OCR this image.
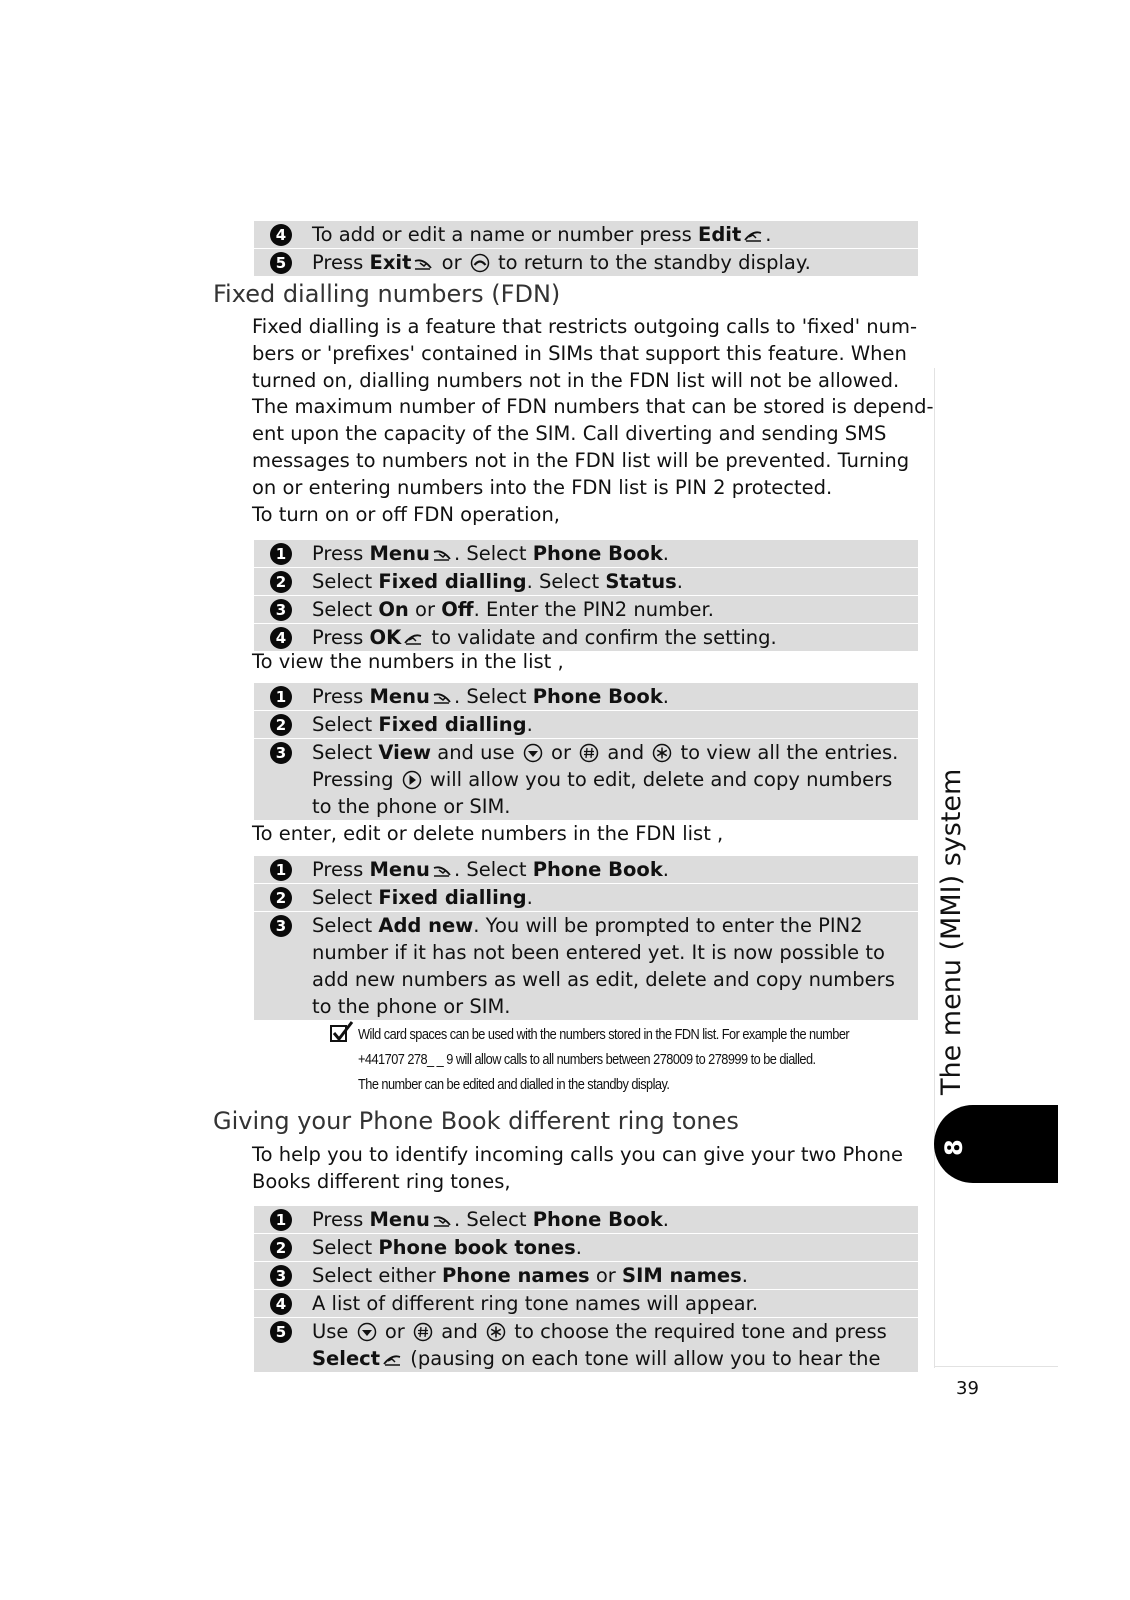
4 To add or edit a name or number press Edit .
5 Press Exit or  to return to the standby display.
Fixed dialling numbers (FDN)
Fixed dialling is a feature that restricts outgoing calls to 'fixed' num-
bers or 'prefixes' contained in SIMs that support this feature. When
turned on, dialling numbers not in the FDN list will not be allowed.
The maximum number of FDN numbers that can be stored is depend-
ent upon the capacity of the SIM. Call diverting and sending SMS
messages to numbers not in the FDN list will be prevented. Turning
on or entering numbers into the FDN list is PIN 2 protected.

To turn on or off FDN operation,

1 Press Menu . Select Phone Book.
2 Select Fixed dialling. Select Status.
3 Select On or Off. Enter the PIN2 number.
4 Press OK to validate and confirm the setting.

To view the numbers in the list ,

1 Press Menu . Select Phone Book.
2 Select Fixed dialling.
3 Select View and use  or  and  to view all the entries. Pressing  will allow you to edit, delete and copy numbers to the phone or SIM.

To enter, edit or delete numbers in the FDN list ,

1 Press Menu . Select Phone Book.
2 Select Fixed dialling.
3 Select Add new. You will be prompted to enter the PIN2 number if it has not been entered yet. It is now possible to add new numbers as well as edit, delete and copy numbers to the phone or SIM.
Wild card spaces can be used with the numbers stored in the FDN list. For example the number
+441707 278_ _ 9 will allow calls to all numbers between 278009 to 278999 to be dialled.
The number can be edited and dialled in the standby display.
Giving your Phone Book different ring tones
To help you to identify incoming calls you can give your two Phone
Books different ring tones,
1 Press Menu . Select Phone Book.
2 Select Phone book tones.
3 Select either Phone names or SIM names.
4 A list of different ring tone names will appear.
5 Use  or  and  to choose the required tone and press Select (pausing on each tone will allow you to hear the
The menu (MMI) system
8
39
